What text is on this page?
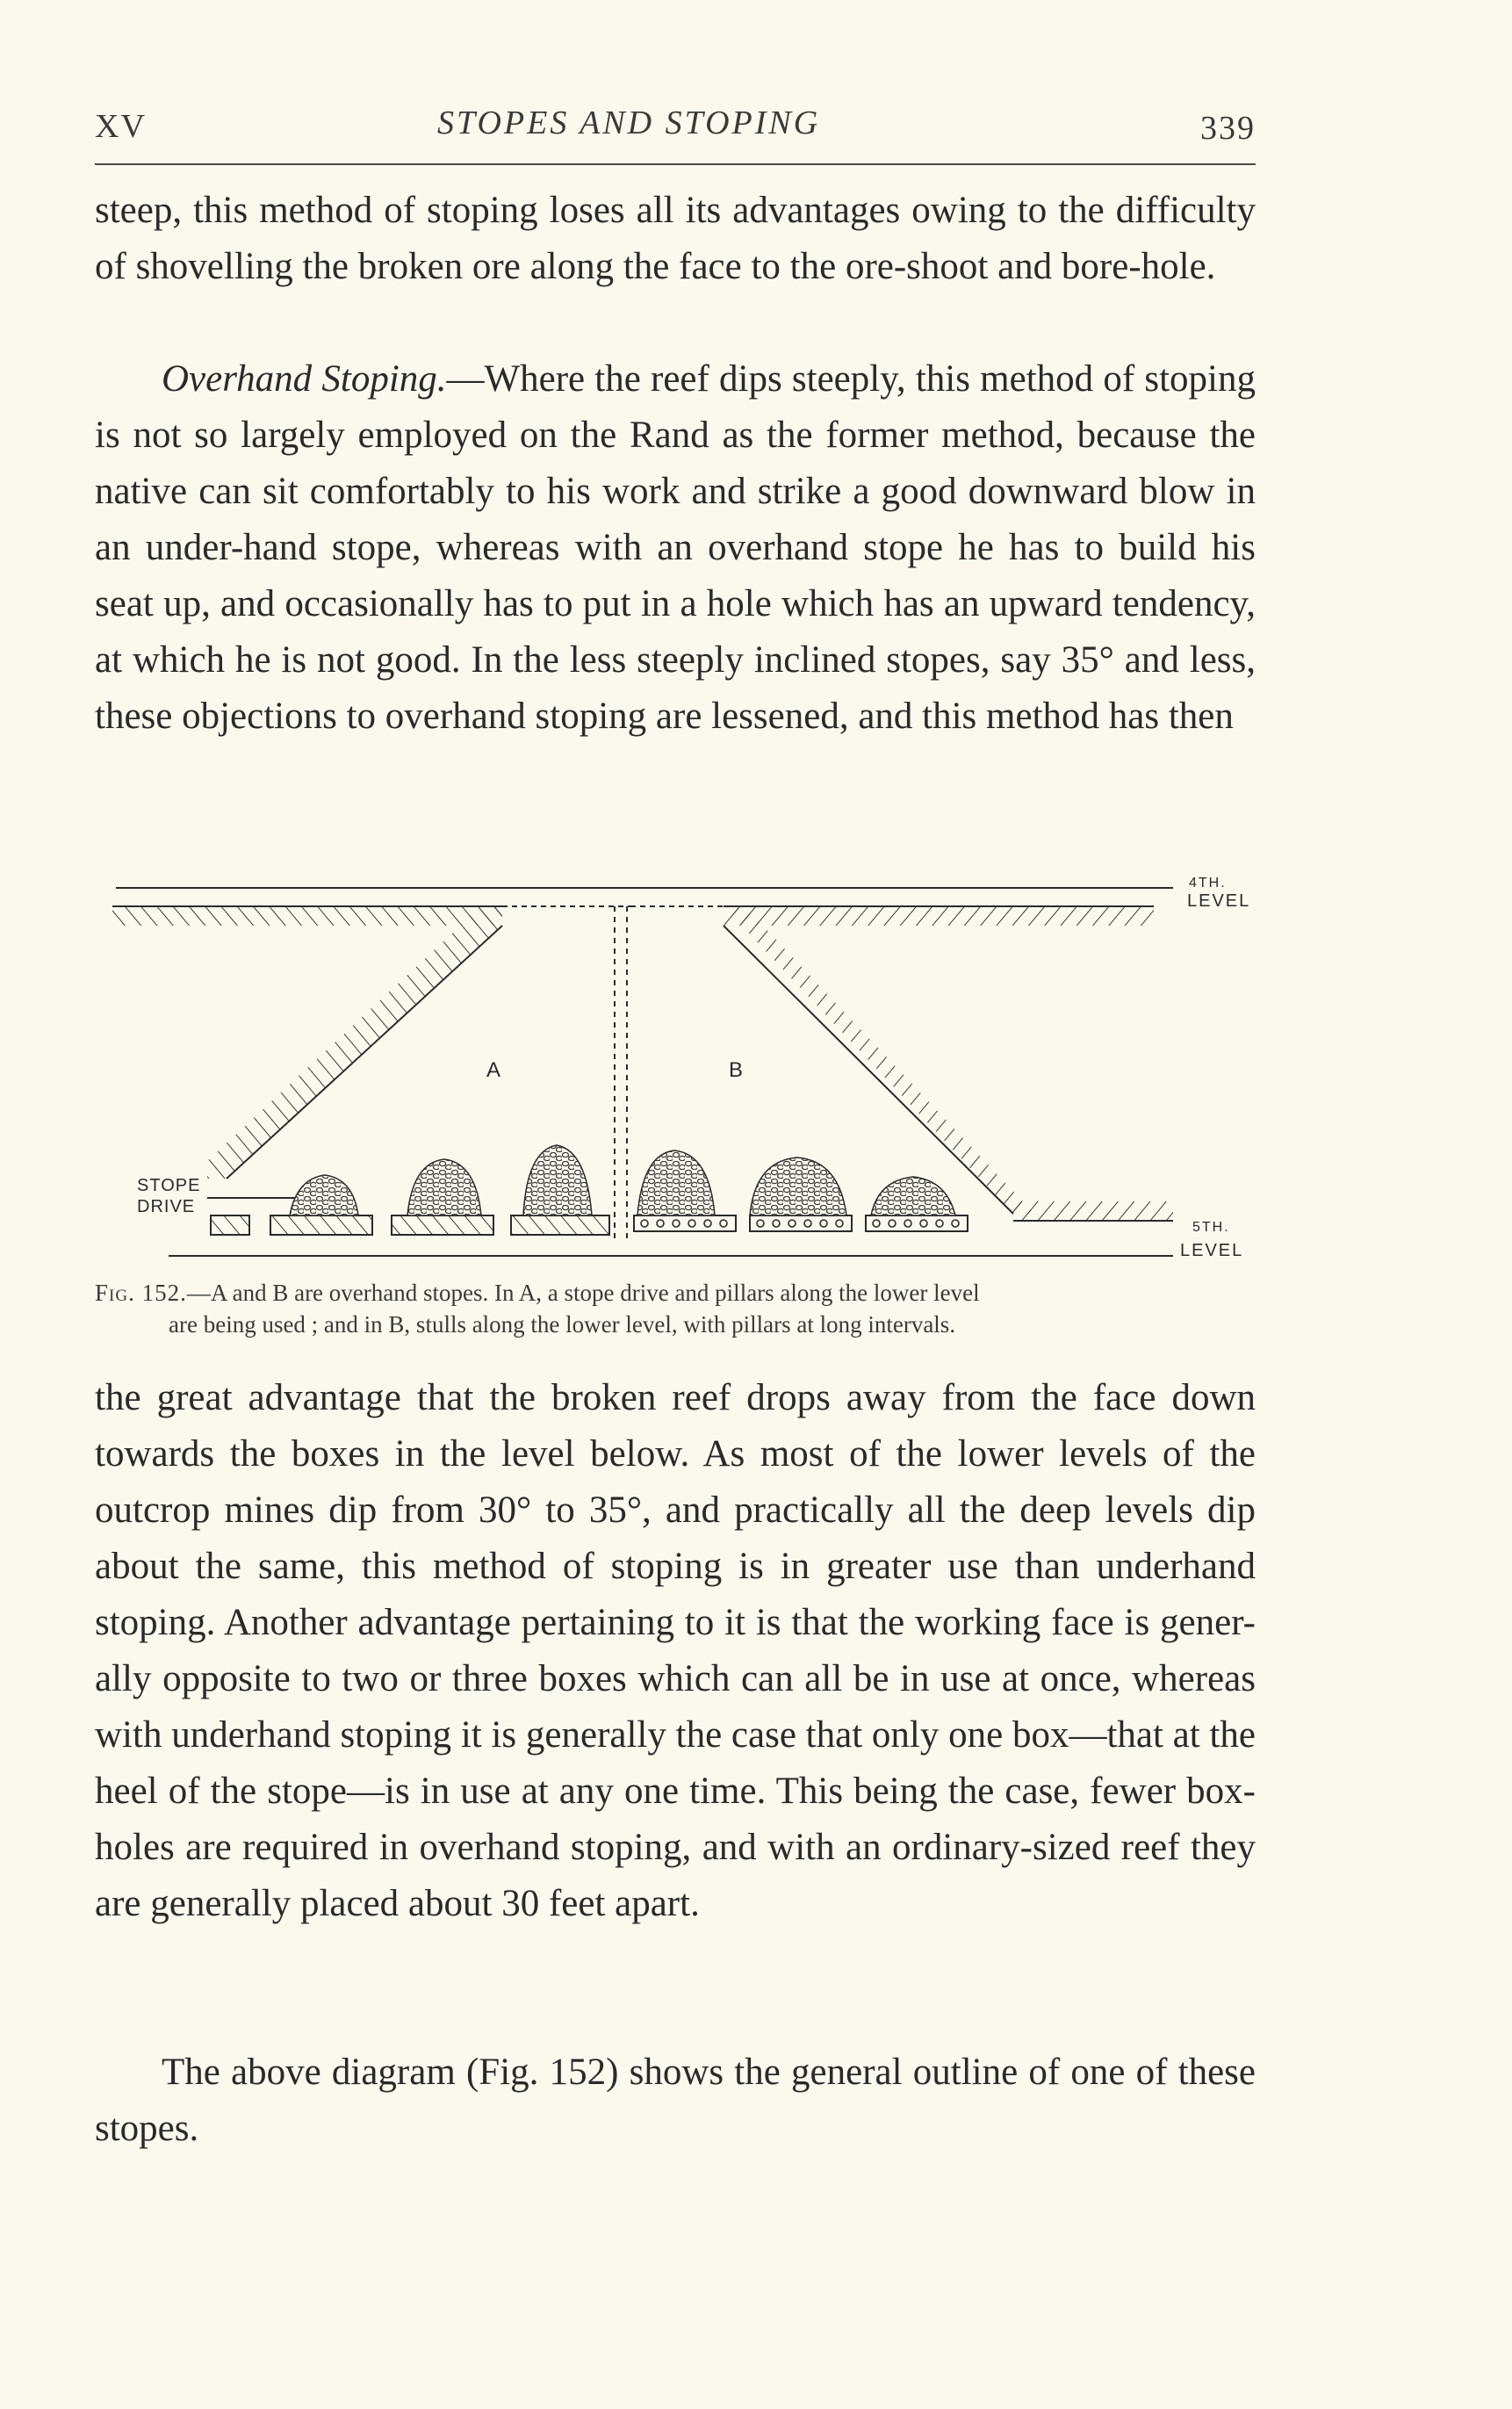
XV	STOPES AND STOPING	339

steep, this method of stoping loses all its advantages owing to the difficulty of shovelling the broken ore along the face to the ore-shoot and bore-hole.

Overhand Stoping.—Where the reef dips steeply, this method of stoping is not so largely employed on the Rand as the former method, because the native can sit comfortably to his work and strike a good downward blow in an under-hand stope, whereas with an overhand stope he has to build his seat up, and occasionally has to put in a hole which has an upward tendency, at which he is not good. In the less steeply inclined stopes, say 35° and less, these objections to overhand stoping are lessened, and this method has then

4TH.
LEVEL
5TH.
LEVEL
A	B
STOPE
DRIVE
Fig. 152.—A and B are overhand stopes. In A, a stope drive and pillars along the lower level
are being used ; and in B, stulls along the lower level, with pillars at long intervals.

the great advantage that the broken reef drops away from the face down towards the boxes in the level below. As most of the lower levels of the outcrop mines dip from 30° to 35°, and practically all the deep levels dip about the same, this method of stoping is in greater use than underhand stoping. Another advantage pertaining to it is that the working face is gener-ally opposite to two or three boxes which can all be in use at once, whereas with underhand stoping it is generally the case that only one box—that at the heel of the stope—is in use at any one time. This being the case, fewer box-holes are required in overhand stoping, and with an ordinary-sized reef they are generally placed about 30 feet apart.

The above diagram (Fig. 152) shows the general outline of one of these stopes.
